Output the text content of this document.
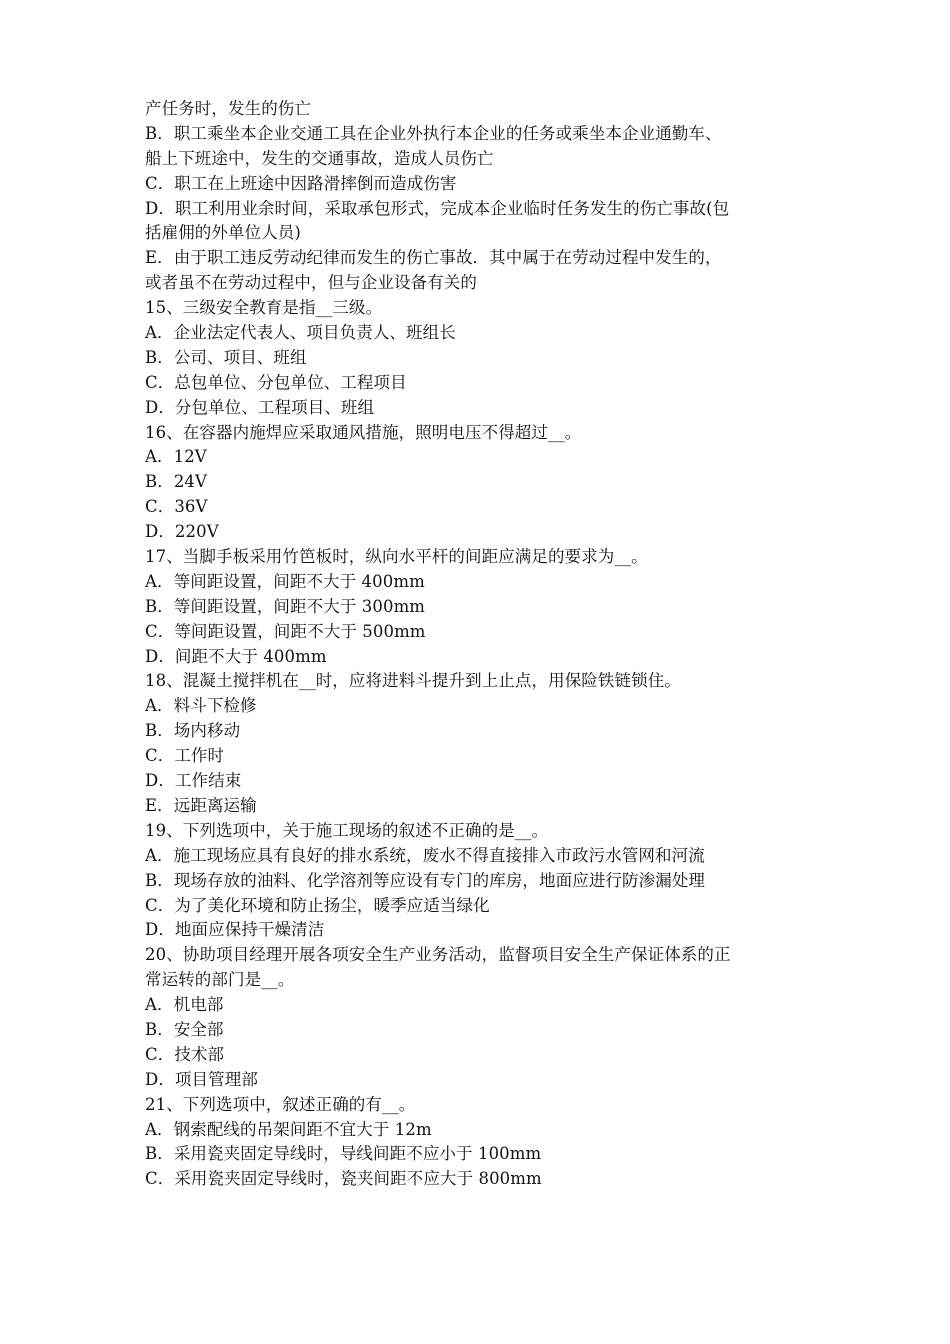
产任务时，发生的伤亡
B．职工乘坐本企业交通工具在企业外执行本企业的任务或乘坐本企业通勤车、
船上下班途中，发生的交通事故，造成人员伤亡
C．职工在上班途中因路滑摔倒而造成伤害
D．职工利用业余时间，采取承包形式，完成本企业临时任务发生的伤亡事故(包
括雇佣的外单位人员)
E．由于职工违反劳动纪律而发生的伤亡事故．其中属于在劳动过程中发生的，
或者虽不在劳动过程中，但与企业设备有关的
15、三级安全教育是指__三级。
A．企业法定代表人、项目负责人、班组长
B．公司、项目、班组
C．总包单位、分包单位、工程项目
D．分包单位、工程项目、班组
16、在容器内施焊应采取通风措施，照明电压不得超过__。
A．12V
B．24V
C．36V
D．220V
17、当脚手板采用竹笆板时，纵向水平杆的间距应满足的要求为__。
A．等间距设置，间距不大于 400mm
B．等间距设置，间距不大于 300mm
C．等间距设置，间距不大于 500mm
D．间距不大于 400mm
18、混凝土搅拌机在__时，应将进料斗提升到上止点，用保险铁链锁住。
A．料斗下检修
B．场内移动
C．工作时
D．工作结束
E．远距离运输
19、下列选项中，关于施工现场的叙述不正确的是__。
A．施工现场应具有良好的排水系统，废水不得直接排入市政污水管网和河流
B．现场存放的油料、化学溶剂等应设有专门的库房，地面应进行防渗漏处理
C．为了美化环境和防止扬尘，暖季应适当绿化
D．地面应保持干燥清洁
20、协助项目经理开展各项安全生产业务活动，监督项目安全生产保证体系的正
常运转的部门是__。
A．机电部
B．安全部
C．技术部
D．项目管理部
21、下列选项中，叙述正确的有__。
A．钢索配线的吊架间距不宜大于 12m
B．采用瓷夹固定导线时，导线间距不应小于 100mm
C．采用瓷夹固定导线时，瓷夹间距不应大于 800mm
